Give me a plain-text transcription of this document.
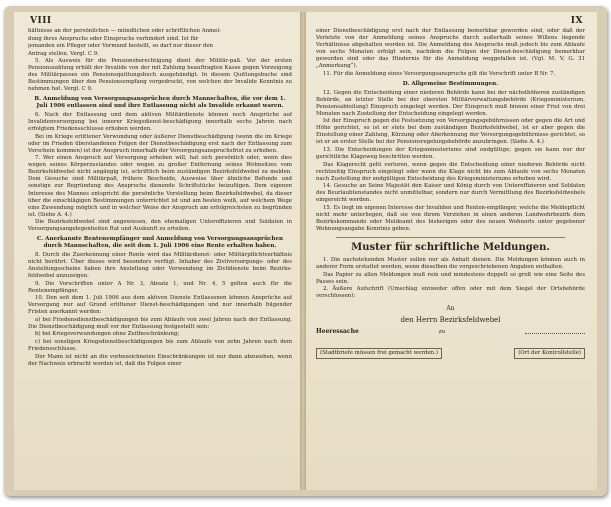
VIII

hältnisse an der persönlichen — mündlichen oder schriftlichen Anmel-

dung ihres Anspruchs oder Einspruchs verhindert sind. Ist für

jemanden ein Pfleger oder Vormund bestellt, so darf nur dieser den

Antrag stellen. Vergl. C 9.

5. Als Ausweis für die Pensionsberechtigung dient der Militär-paß. Vor der ersten Pensionszahlung erhält der Invalide von der mit Zahlung beauftragten Kasse gegen Vorzeigung des Militärpasses ein Pensionsquittungsbuch ausgehändigt. In diesem Quittungsbuche sind Bestimmungen über den Pensionsempfang vorgedruckt, von welchen der Invalide Kenntnis zu nehmen hat. Vergl. C 9.

B. Anmeldung von Versorgungsansprüchen durch Mannschaften, die vor dem 1. Juli 1906 entlassen sind und ihre Entlassung nicht als Invalide erkannt waren.

6. Nach der Entlassung und dem aktiven Militärdienste können noch Ansprüche auf Invalidenversorgung bei innerer Kriegsdienst-beschädigung innerhalb sechs Jahren nach erfolgtem Friedensschlusse erhoben werden.

Bei im Kriege erlittener Verwundung oder äußerer Dienstbeschädigung (wenn die im Kriege oder im Frieden überstandenen Folgen der Dienstbeschädigung erst nach der Entlassung zum Vorschein kommen) ist der Anspruch innerhalb der Versorgungsanspruchsfrist zu erheben.

7. Wer einen Anspruch auf Versorgung erheben will, hat sich persönlich oder, wenn dies wegen seines Körperzustandes oder wegen zu großer Entfernung seines Wohnsitzes vom Bezirksfeldwebel nicht angängig ist, schriftlich beim zuständigen Bezirksfeldwebel zu melden. Dem Gesuche sind Militärpaß, frühere Bescheide, Ausweise über ähnliche Befunde und sonstige zur Begründung des Anspruchs dienende Schriftstücke beizufügen. Dem eigenen Interesse des Mannes entspricht die persönliche Vorstellung beim Bezirksfeldwebel, da dieser über die einschlägigen Bestimmungen unterrichtet ist und am besten weiß, auf welchem Wege eine Zuwendung möglich und in welcher Weise der Anspruch am erfolgreichsten zu begründen ist. (Siehe A. 4.)

Die Bezirksfeldwebel sind angewiesen, den ehemaligen Unteroffizieren und Soldaten in Versorgungsangelegenheiten Rat und Auskunft zu erteilen.

C. Anerkannte Rentenempfänger und Anmeldung von Versorgungsansprüchen durch Mannschaften, die seit dem 1. Juli 1906 eine Rente erhalten haben.

8. Durch die Zuerkennung einer Rente wird das Militärdienst- oder Militärpflichtverhältnis nicht berührt. Über dieses wird besonders verfügt. Inhaber des Zivilversorgungs- oder des Anstellungsscheins haben ihre Anstellung oder Verwendung im Zivildienste beim Bezirks-feldwebel anzuzeigen.

9. Die Vorschriften unter A Nr. 3, Absatz 1, und Nr. 4, 5 gelten auch für die Rentenempfänger.

10. Den seit dem 1. Juli 1906 aus dem aktiven Dienste Entlassenen können Ansprüche auf Versorgung nur auf Grund erlittener Dienst-beschädigungen und nur innerhalb folgender Fristen anerkannt werden:

a) bei Friedensdienstbeschädigungen bis zum Ablaufe von zwei Jahren nach der Entlassung. Die Dienstbeschädigung muß vor der Entlassung festgestellt sein;

b) bei Kriegsverwundungen ohne Zeitbeschränkung;

c) bei sonstigen Kriegsdienstbeschädigungen bis zum Ablaufe von zehn Jahren nach dem Friedensschlusse.

Der Mann ist nicht an die vorbezeichneten Einschränkungen ist nur dann abzusehen, wenn der Nachweis erbracht worden ist, daß die Folgen einer

IX

einer Dienstbeschädigung erst nach der Entlassung bemerkbar geworden sind, oder daß der Verletzte von der Anmeldung seines Anspruchs durch außerhalb seines Willens liegende Verhältnisse abgehalten worden ist. Die Anmeldung des Anspruchs muß jedoch bis zum Ablaufe von sechs Monaten erfolgt sein, nachdem die Folgen der Dienst-beschädigung bemerkbar geworden sind oder das Hindernis für die Anmeldung weggefallen ist. (Vgl. M. V. G. 31 „Anmerkung“).

11. Für die Anmeldung eines Versorgungsanspruchs gilt die Vorschrift unter B Nr. 7.

D. Allgemeine Bestimmungen.

12. Gegen die Entscheidung einer niederen Behörde kann bei der nächsthöheren zuständigen Behörde, an letzter Stelle bei der obersten Militärverwaltungsbehörde (Kriegsministerium, Pensionsabteilung) Einspruch eingelegt werden. Der Einspruch muß binnen einer Frist von drei Monaten nach Zustellung der Entscheidung eingelegt werden.

Ist der Einspruch gegen die Festsetzung von Versorgungsgebührnissen oder gegen die Art und Höhe gerichtet, so ist er stets bei dem zuständigen Bezirksfeldwebel, ist er aber gegen die Einstellung einer Zahlung, Kürzung oder Aberkennung der Versorgungsgebührnisse gerichtet, so ist er an erster Stelle bei der Pensionsregelungsbehörde anzubringen. (Siehe A. 4.)

13. Die Entscheidungen der Kriegsministeriums sind endgültige; gegen sie kann nur der gerichtliche Klageweg beschritten werden.

Das Klagerecht geht verloren, wenn gegen die Entscheidung einer niederen Behörde nicht rechtzeitig Einspruch eingelegt oder wenn die Klage nicht bis zum Ablaufe von sechs Monaten nach Zustellung der endgültigen Entscheidung des Kriegsministeriums erhoben wird.

14. Gesuche an Seine Majestät den Kaiser und König durch von Unteroffizieren und Soldaten des Beurlaubtenstandes nicht unmittelbar, sondern nur durch Vermittlung des Bezirksfeldwebels eingereicht werden.

15. Es liegt im eigenen Interesse der Invaliden und Renten-empfänger, welche die Meldepflicht nicht mehr unterliegen, daß sie von ihrem Verziehen in einen anderen Landwehrbezirk dem Bezirkskommando oder Meldeamt des bisherigen oder des neuen Wohnorts unter gegebener Wohnungsangabe Kenntnis geben.

Muster für schriftliche Meldungen.

1. Die nachstehenden Muster sollen nur als Anhalt dienen. Die Meldungen können auch in anderer Form erstattet werden, wenn dieselben die vorgeschriebenen Angaben enthalten.

Das Papier zu allen Meldungen muß rein und mindestens doppelt so groß wie eine Seite des Passes sein.

2. Äußere Aufschrift (Umschlag entweder offen oder mit dem Siegel der Ortsbehörde verschlossen):

An
den Herrn Bezirksfeldwebel
Heeressache	zu
(Stadtbriefe müssen frei gemacht werden.)	(Ort der Kontrollstelle)
